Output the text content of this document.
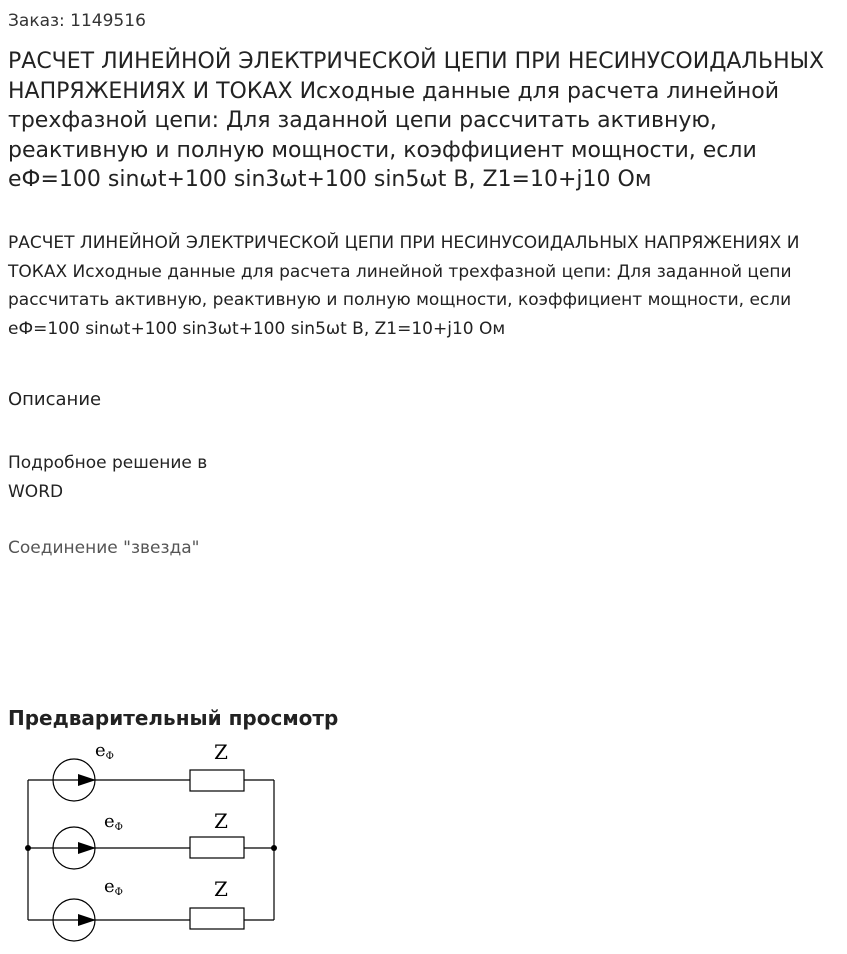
Заказ: 1149516
РАСЧЕТ ЛИНЕЙНОЙ ЭЛЕКТРИЧЕСКОЙ ЦЕПИ ПРИ НЕСИНУСОИДАЛЬНЫХ НАПРЯЖЕНИЯХ И ТОКАХ Исходные данные для расчета линейной трехфазной цепи: Для заданной цепи рассчитать активную, реактивную и полную мощности, коэффициент мощности, если eФ=100 sinωt+100 sin3ωt+100 sin5ωt В, Z1=10+j10 Ом

РАСЧЕТ ЛИНЕЙНОЙ ЭЛЕКТРИЧЕСКОЙ ЦЕПИ ПРИ НЕСИНУСОИДАЛЬНЫХ НАПРЯЖЕНИЯХ И ТОКАХ Исходные данные для расчета линейной трехфазной цепи: Для заданной цепи рассчитать активную, реактивную и полную мощности, коэффициент мощности, если eФ=100 sinωt+100 sin3ωt+100 sin5ωt В, Z1=10+j10 Ом

Описание
Подробное решение в WORD
Соединение "звезда"
Предварительный просмотр
eФ	Z
eФ	Z
eФ	Z
